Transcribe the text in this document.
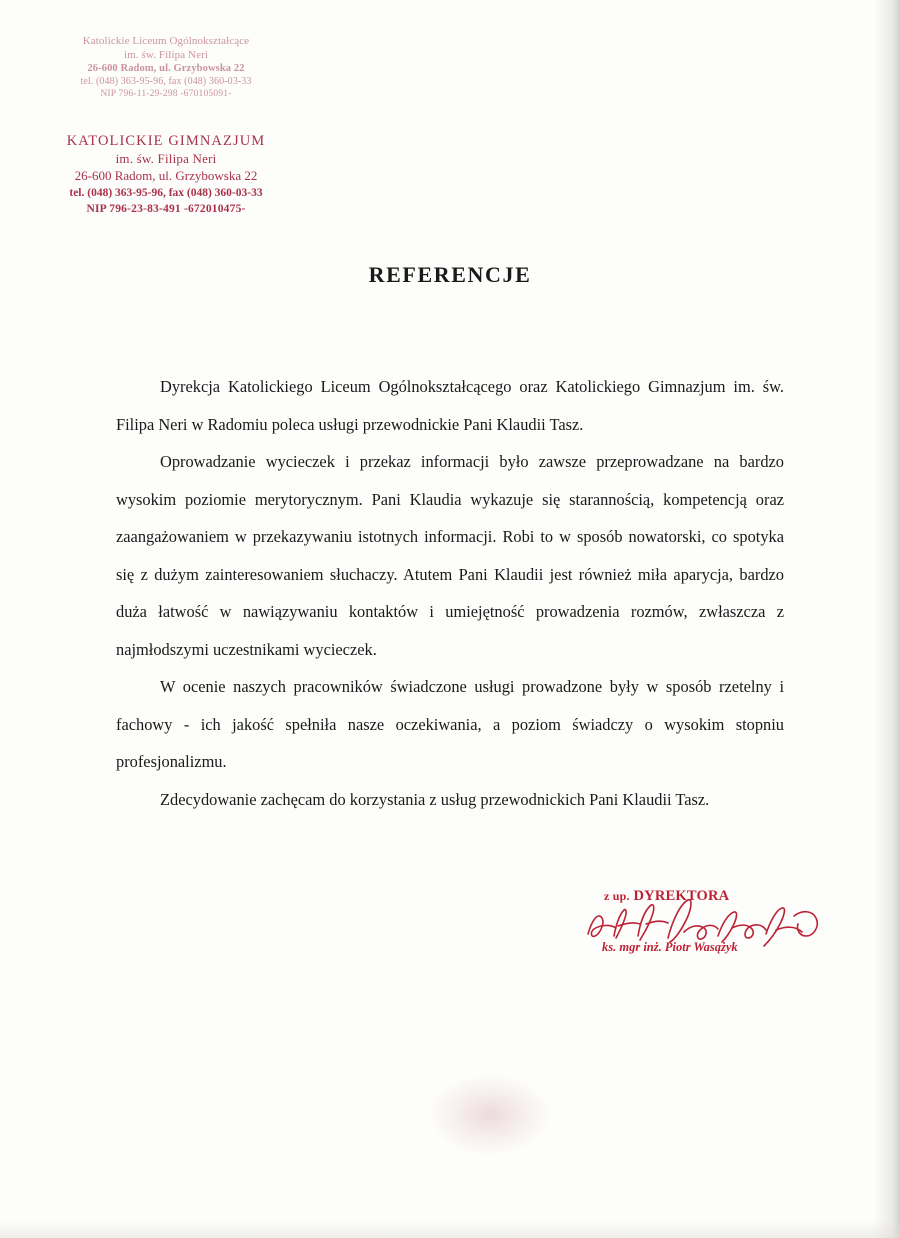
Katolickie Liceum Ogólnokształcące
im. św. Filipa Neri
26-600 Radom, ul. Grzybowska 22
tel. (048) 363-95-96, fax (048) 360-03-33
NIP 796-11-29-298 -670105091-
KATOLICKIE GIMNAZJUM
im. św. Filipa Neri
26-600 Radom, ul. Grzybowska 22
tel. (048) 363-95-96, fax (048) 360-03-33
NIP 796-23-83-491 -672010475-
REFERENCJE

Dyrekcja Katolickiego Liceum Ogólnokształcącego oraz Katolickiego Gimnazjum im. św. Filipa Neri w Radomiu poleca usługi przewodnickie Pani Klaudii Tasz.

Oprowadzanie wycieczek i przekaz informacji było zawsze przeprowadzane na bardzo wysokim poziomie merytorycznym. Pani Klaudia wykazuje się starannością, kompetencją oraz zaangażowaniem w przekazywaniu istotnych informacji. Robi to w sposób nowatorski, co spotyka się z dużym zainteresowaniem słuchaczy. Atutem Pani Klaudii jest również miła aparycja, bardzo duża łatwość w nawiązywaniu kontaktów i umiejętność prowadzenia rozmów, zwłaszcza z najmłodszymi uczestnikami wycieczek.

W ocenie naszych pracowników świadczone usługi prowadzone były w sposób rzetelny i fachowy - ich jakość spełniła nasze oczekiwania, a poziom świadczy o wysokim stopniu profesjonalizmu.

Zdecydowanie zachęcam do korzystania z usług przewodnickich Pani Klaudii Tasz.

z up. DYREKTORA
ks. mgr inż. Piotr Wasążyk
